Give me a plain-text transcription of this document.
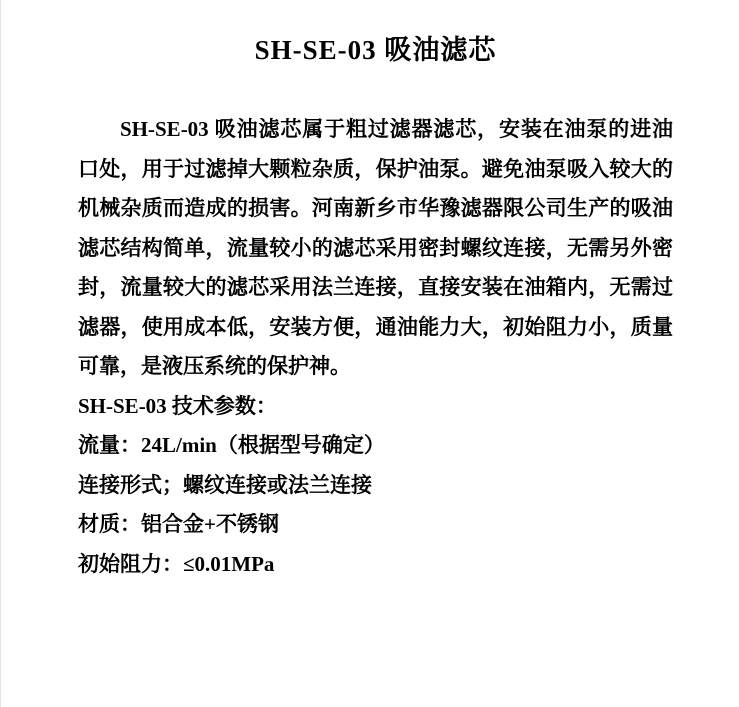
SH-SE-03 吸油滤芯

SH-SE-03 吸油滤芯属于粗过滤器滤芯，安装在油泵的进油口处，用于过滤掉大颗粒杂质，保护油泵。避免油泵吸入较大的机械杂质而造成的损害。河南新乡市华豫滤器限公司生产的吸油滤芯结构简单，流量较小的滤芯采用密封螺纹连接，无需另外密封，流量较大的滤芯采用法兰连接，直接安装在油箱内，无需过滤器，使用成本低，安装方便，通油能力大，初始阻力小，质量可靠，是液压系统的保护神。

SH-SE-03 技术参数：

流量：24L/min（根据型号确定）

连接形式；螺纹连接或法兰连接

材质：铝合金+不锈钢

初始阻力：≤0.01MPa
